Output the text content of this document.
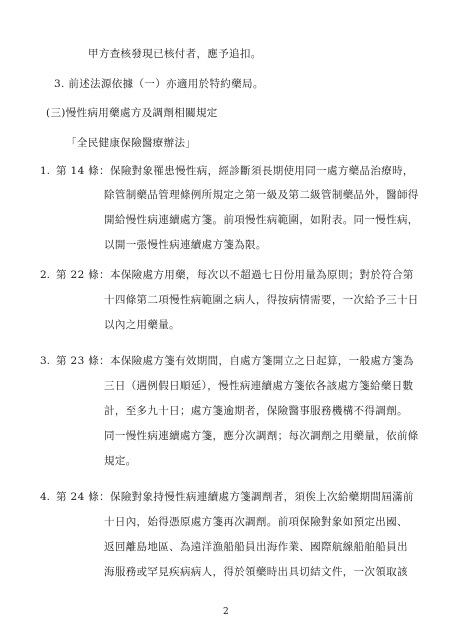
甲方查核發現已核付者，應予追扣。
3. 前述法源依據（一）亦適用於特約藥局。
(三)慢性病用藥處方及調劑相關規定
「全民健康保險醫療辦法」
1. 第 14 條：保險對象罹患慢性病，經診斷須長期使用同一處方藥品治療時，
除管制藥品管理條例所規定之第一級及第二級管制藥品外，醫師得
開給慢性病連續處方箋。前項慢性病範圍，如附表。同一慢性病，
以開一張慢性病連續處方箋為限。
2. 第 22 條：本保險處方用藥，每次以不超過七日份用量為原則；對於符合第
十四條第二項慢性病範圍之病人，得按病情需要，一次給予三十日
以內之用藥量。
3. 第 23 條：本保險處方箋有效期間，自處方箋開立之日起算，一般處方箋為
三日（遇例假日順延），慢性病連續處方箋依各該處方箋給藥日數
計，至多九十日；處方箋逾期者，保險醫事服務機構不得調劑。
同一慢性病連續處方箋，應分次調劑；每次調劑之用藥量，依前條
規定。
4. 第 24 條：保險對象持慢性病連續處方箋調劑者，須俟上次給藥期間屆滿前
十日內，始得憑原處方箋再次調劑。前項保險對象如預定出國、
返回離島地區、為遠洋漁船船員出海作業、國際航線船舶船員出
海服務或罕見疾病病人，得於領藥時出具切結文件，一次領取該
2
